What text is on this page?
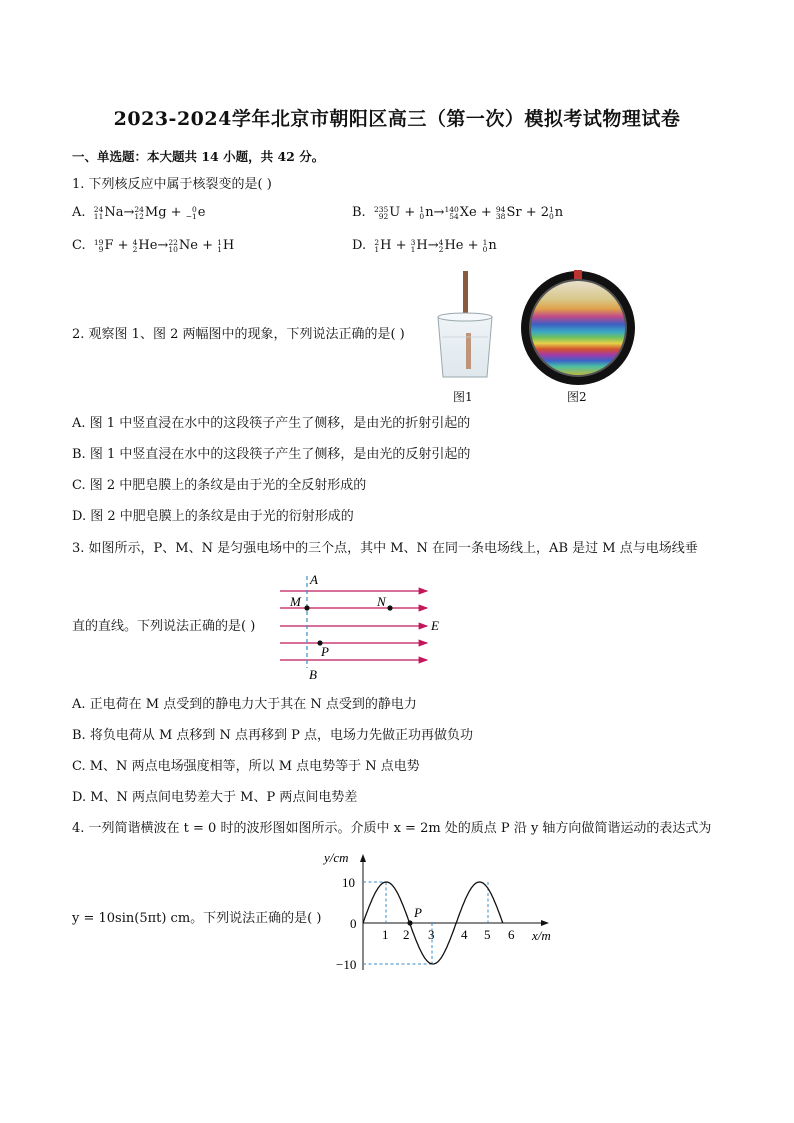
2023-2024学年北京市朝阳区高三（第一次）模拟考试物理试卷
一、单选题：本大题共 14 小题，共 42 分。
1. 下列核反应中属于核裂变的是( )
A. 24
11 Na→ 24
12 Mg + 0
−1 e	B. 235
92 U + 1
0 n→ 140
54 Xe + 94
38 Sr + 2 1
0 n
C. 19
9 F + 4
2 He→ 22
10 Ne + 1
1 H	D. 2
1 H + 3
1 H→ 4
2 He + 1
0 n
2. 观察图 1、图 2 两幅图中的现象，下列说法正确的是( )
图1	图2
A. 图 1 中竖直浸在水中的这段筷子产生了侧移，是由光的折射引起的
B. 图 1 中竖直浸在水中的这段筷子产生了侧移，是由光的反射引起的
C. 图 2 中肥皂膜上的条纹是由于光的全反射形成的
D. 图 2 中肥皂膜上的条纹是由于光的衍射形成的
3. 如图所示，P、M、N 是匀强电场中的三个点，其中 M、N 在同一条电场线上，AB 是过 M 点与电场线垂
直的直线。下列说法正确的是( )
A
M	N
E
P
B
A. 正电荷在 M 点受到的静电力大于其在 N 点受到的静电力
B. 将负电荷从 M 点移到 N 点再移到 P 点，电场力先做正功再做负功
C. M、N 两点电场强度相等，所以 M 点电势等于 N 点电势
D. M、N 两点间电势差大于 M、P 两点间电势差
4. 一列简谐横波在 t = 0 时的波形图如图所示。介质中 x = 2m 处的质点 P 沿 y 轴方向做简谐运动的表达式为
y = 10sin(5πt) cm。下列说法正确的是( )	P
y/cm
x/m
10
0
−10
1 2 3 4 5 6
